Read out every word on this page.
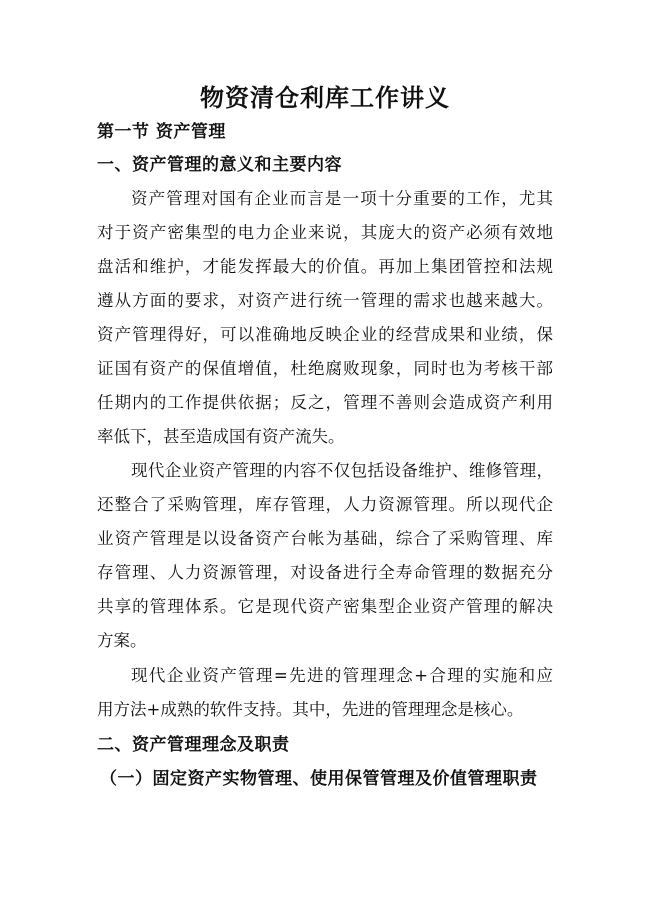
物资清仓利库工作讲义
第一节 资产管理
一、资产管理的意义和主要内容
资产管理对国有企业而言是一项十分重要的工作，尤其
对于资产密集型的电力企业来说，其庞大的资产必须有效地
盘活和维护，才能发挥最大的价值。再加上集团管控和法规
遵从方面的要求，对资产进行统一管理的需求也越来越大。
资产管理得好，可以准确地反映企业的经营成果和业绩，保
证国有资产的保值增值，杜绝腐败现象，同时也为考核干部
任期内的工作提供依据；反之，管理不善则会造成资产利用
率低下，甚至造成国有资产流失。
现代企业资产管理的内容不仅包括设备维护、维修管理，
还整合了采购管理，库存管理，人力资源管理。所以现代企
业资产管理是以设备资产台帐为基础，综合了采购管理、库
存管理、人力资源管理，对设备进行全寿命管理的数据充分
共享的管理体系。它是现代资产密集型企业资产管理的解决
方案。
现代企业资产管理=先进的管理理念+合理的实施和应
用方法+成熟的软件支持。其中，先进的管理理念是核心。
二、资产管理理念及职责
（一）固定资产实物管理、使用保管管理及价值管理职责
